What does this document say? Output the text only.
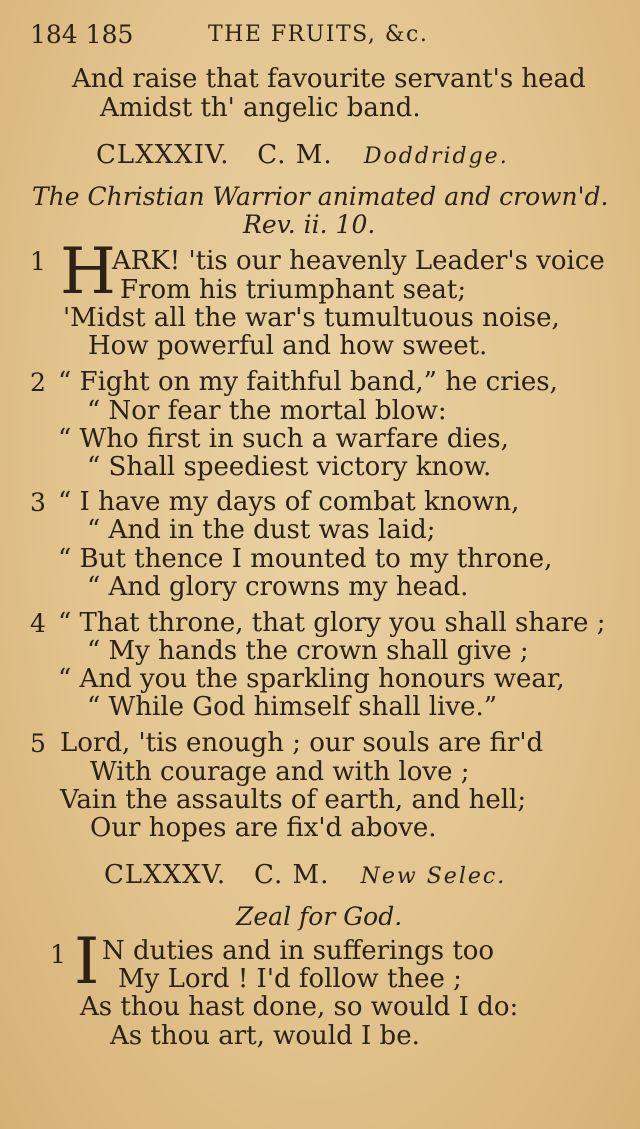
184 185	THE FRUITS, &c.
And raise that favourite servant's head
Amidst th' angelic band.
CLXXXIV.   C. M. Doddridge.
The Christian Warrior animated and crown'd.
Rev. ii. 10.
1 H
ARK! 'tis our heavenly Leader's voice
From his triumphant seat;
'Midst all the war's tumultuous noise,
How powerful and how sweet.
2 “ Fight on my faithful band,” he cries,
“ Nor fear the mortal blow:
“ Who first in such a warfare dies,
“ Shall speediest victory know.
3 “ I have my days of combat known,
“ And in the dust was laid;
“ But thence I mounted to my throne,
“ And glory crowns my head.
4 “ That throne, that glory you shall share ;
“ My hands the crown shall give ;
“ And you the sparkling honours wear,
“ While God himself shall live.”
5 Lord, 'tis enough ; our souls are fir'd
With courage and with love ;
Vain the assaults of earth, and hell;
Our hopes are fix'd above.
CLXXXV.   C. M. New Selec.
Zeal for God.
1 I N duties and in sufferings too
My Lord ! I'd follow thee ;
As thou hast done, so would I do:
As thou art, would I be.
